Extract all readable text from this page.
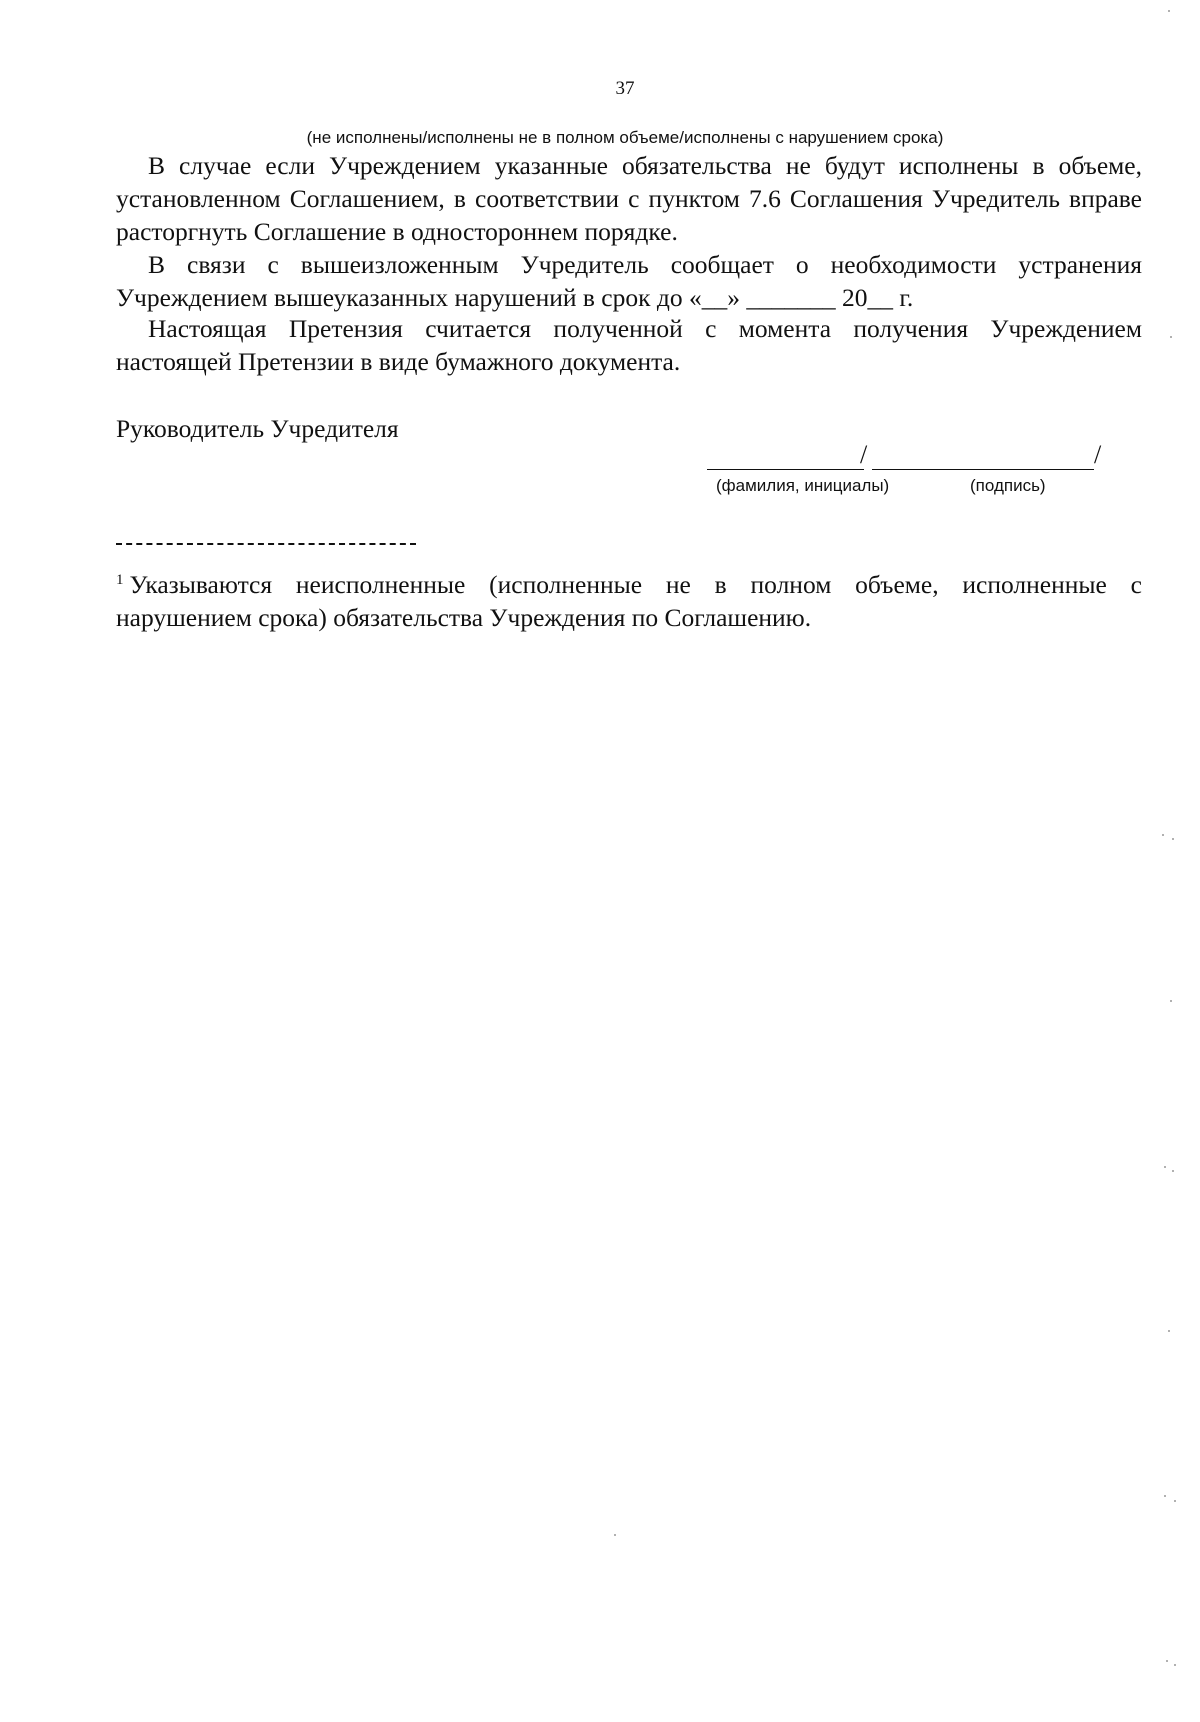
37
(не исполнены/исполнены не в полном объеме/исполнены с нарушением срока)

В случае если Учреждением указанные обязательства не будут исполнены в объеме, установленном Соглашением, в соответствии с пунктом 7.6 Соглашения Учредитель вправе расторгнуть Соглашение в одностороннем порядке.

В связи с вышеизложенным Учредитель сообщает о необходимости устранения Учреждением вышеуказанных нарушений в срок до «__» _______ 20__ г.

Настоящая Претензия считается полученной с момента получения Учреждением настоящей Претензии в виде бумажного документа.

Руководитель Учредителя
/	/
(фамилия, инициалы)	(подпись)

$^1$ Указываются неисполненные (исполненные не в полном объеме, исполненные с нарушением срока) обязательства Учреждения по Соглашению.
